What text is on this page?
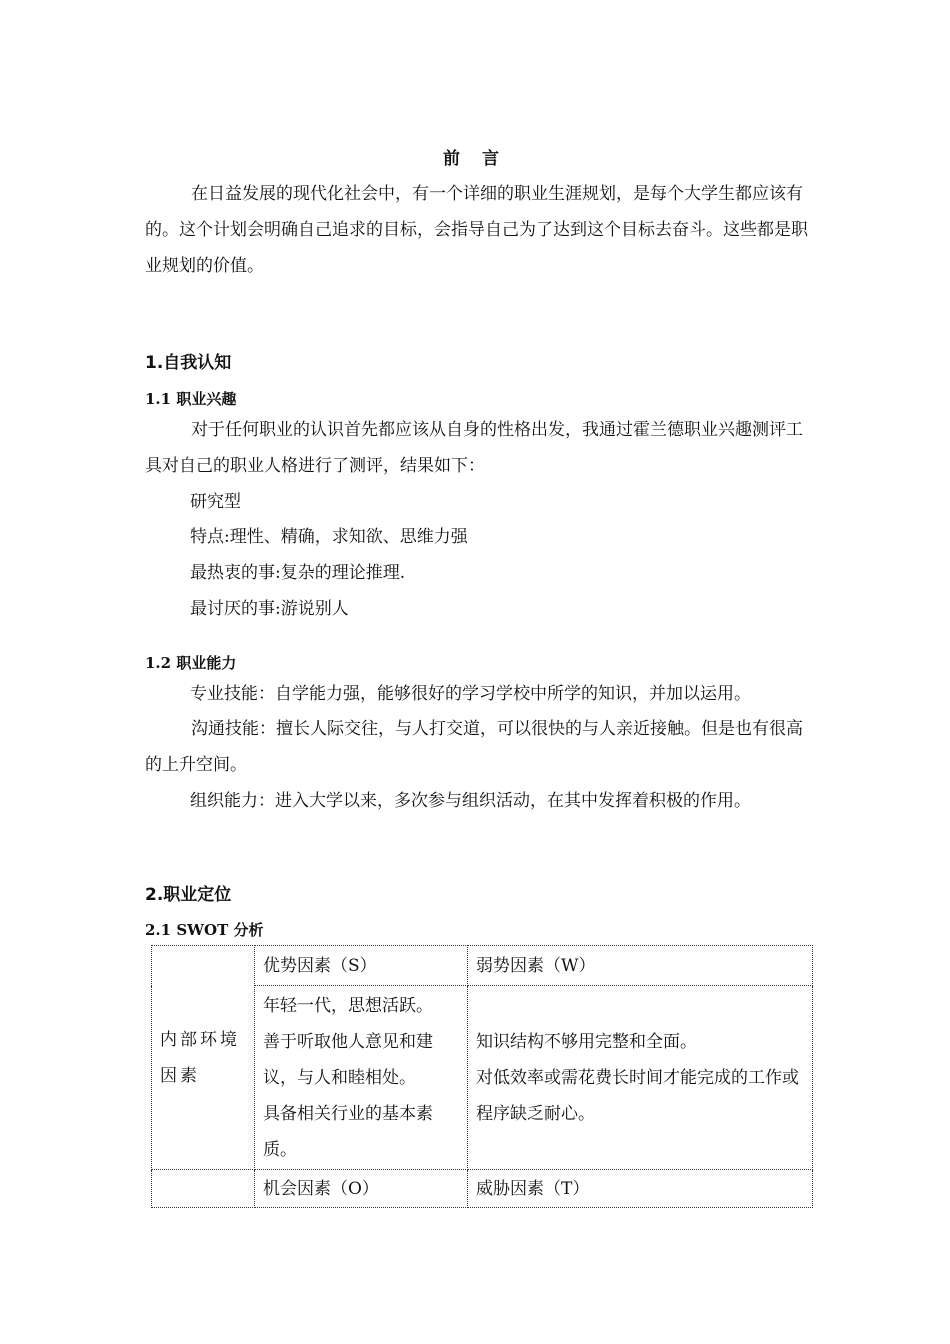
前 言
在日益发展的现代化社会中，有一个详细的职业生涯规划，是每个大学生都应该有的。这个计划会明确自己追求的目标，会指导自己为了达到这个目标去奋斗。这些都是职业规划的价值。
1.自我认知
1.1 职业兴趣
对于任何职业的认识首先都应该从自身的性格出发，我通过霍兰德职业兴趣测评工具对自己的职业人格进行了测评，结果如下：
研究型
特点:理性、精确，求知欲、思维力强
最热衷的事:复杂的理论推理.
最讨厌的事:游说别人
1.2 职业能力
专业技能：自学能力强，能够很好的学习学校中所学的知识，并加以运用。
沟通技能：擅长人际交往，与人打交道，可以很快的与人亲近接触。但是也有很高的上升空间。
组织能力：进入大学以来，多次参与组织活动，在其中发挥着积极的作用。
2.职业定位
2.1 SWOT 分析
内部环境因素	优势因素（S）	弱势因素（W）

	年轻一代，思想活跃。
善于听取他人意见和建议，与人和睦相处。
具备相关行业的基本素质。	知识结构不够用完整和全面。
对低效率或需花费长时间才能完成的工作或程序缺乏耐心。

	机会因素（O）	威胁因素（T）
